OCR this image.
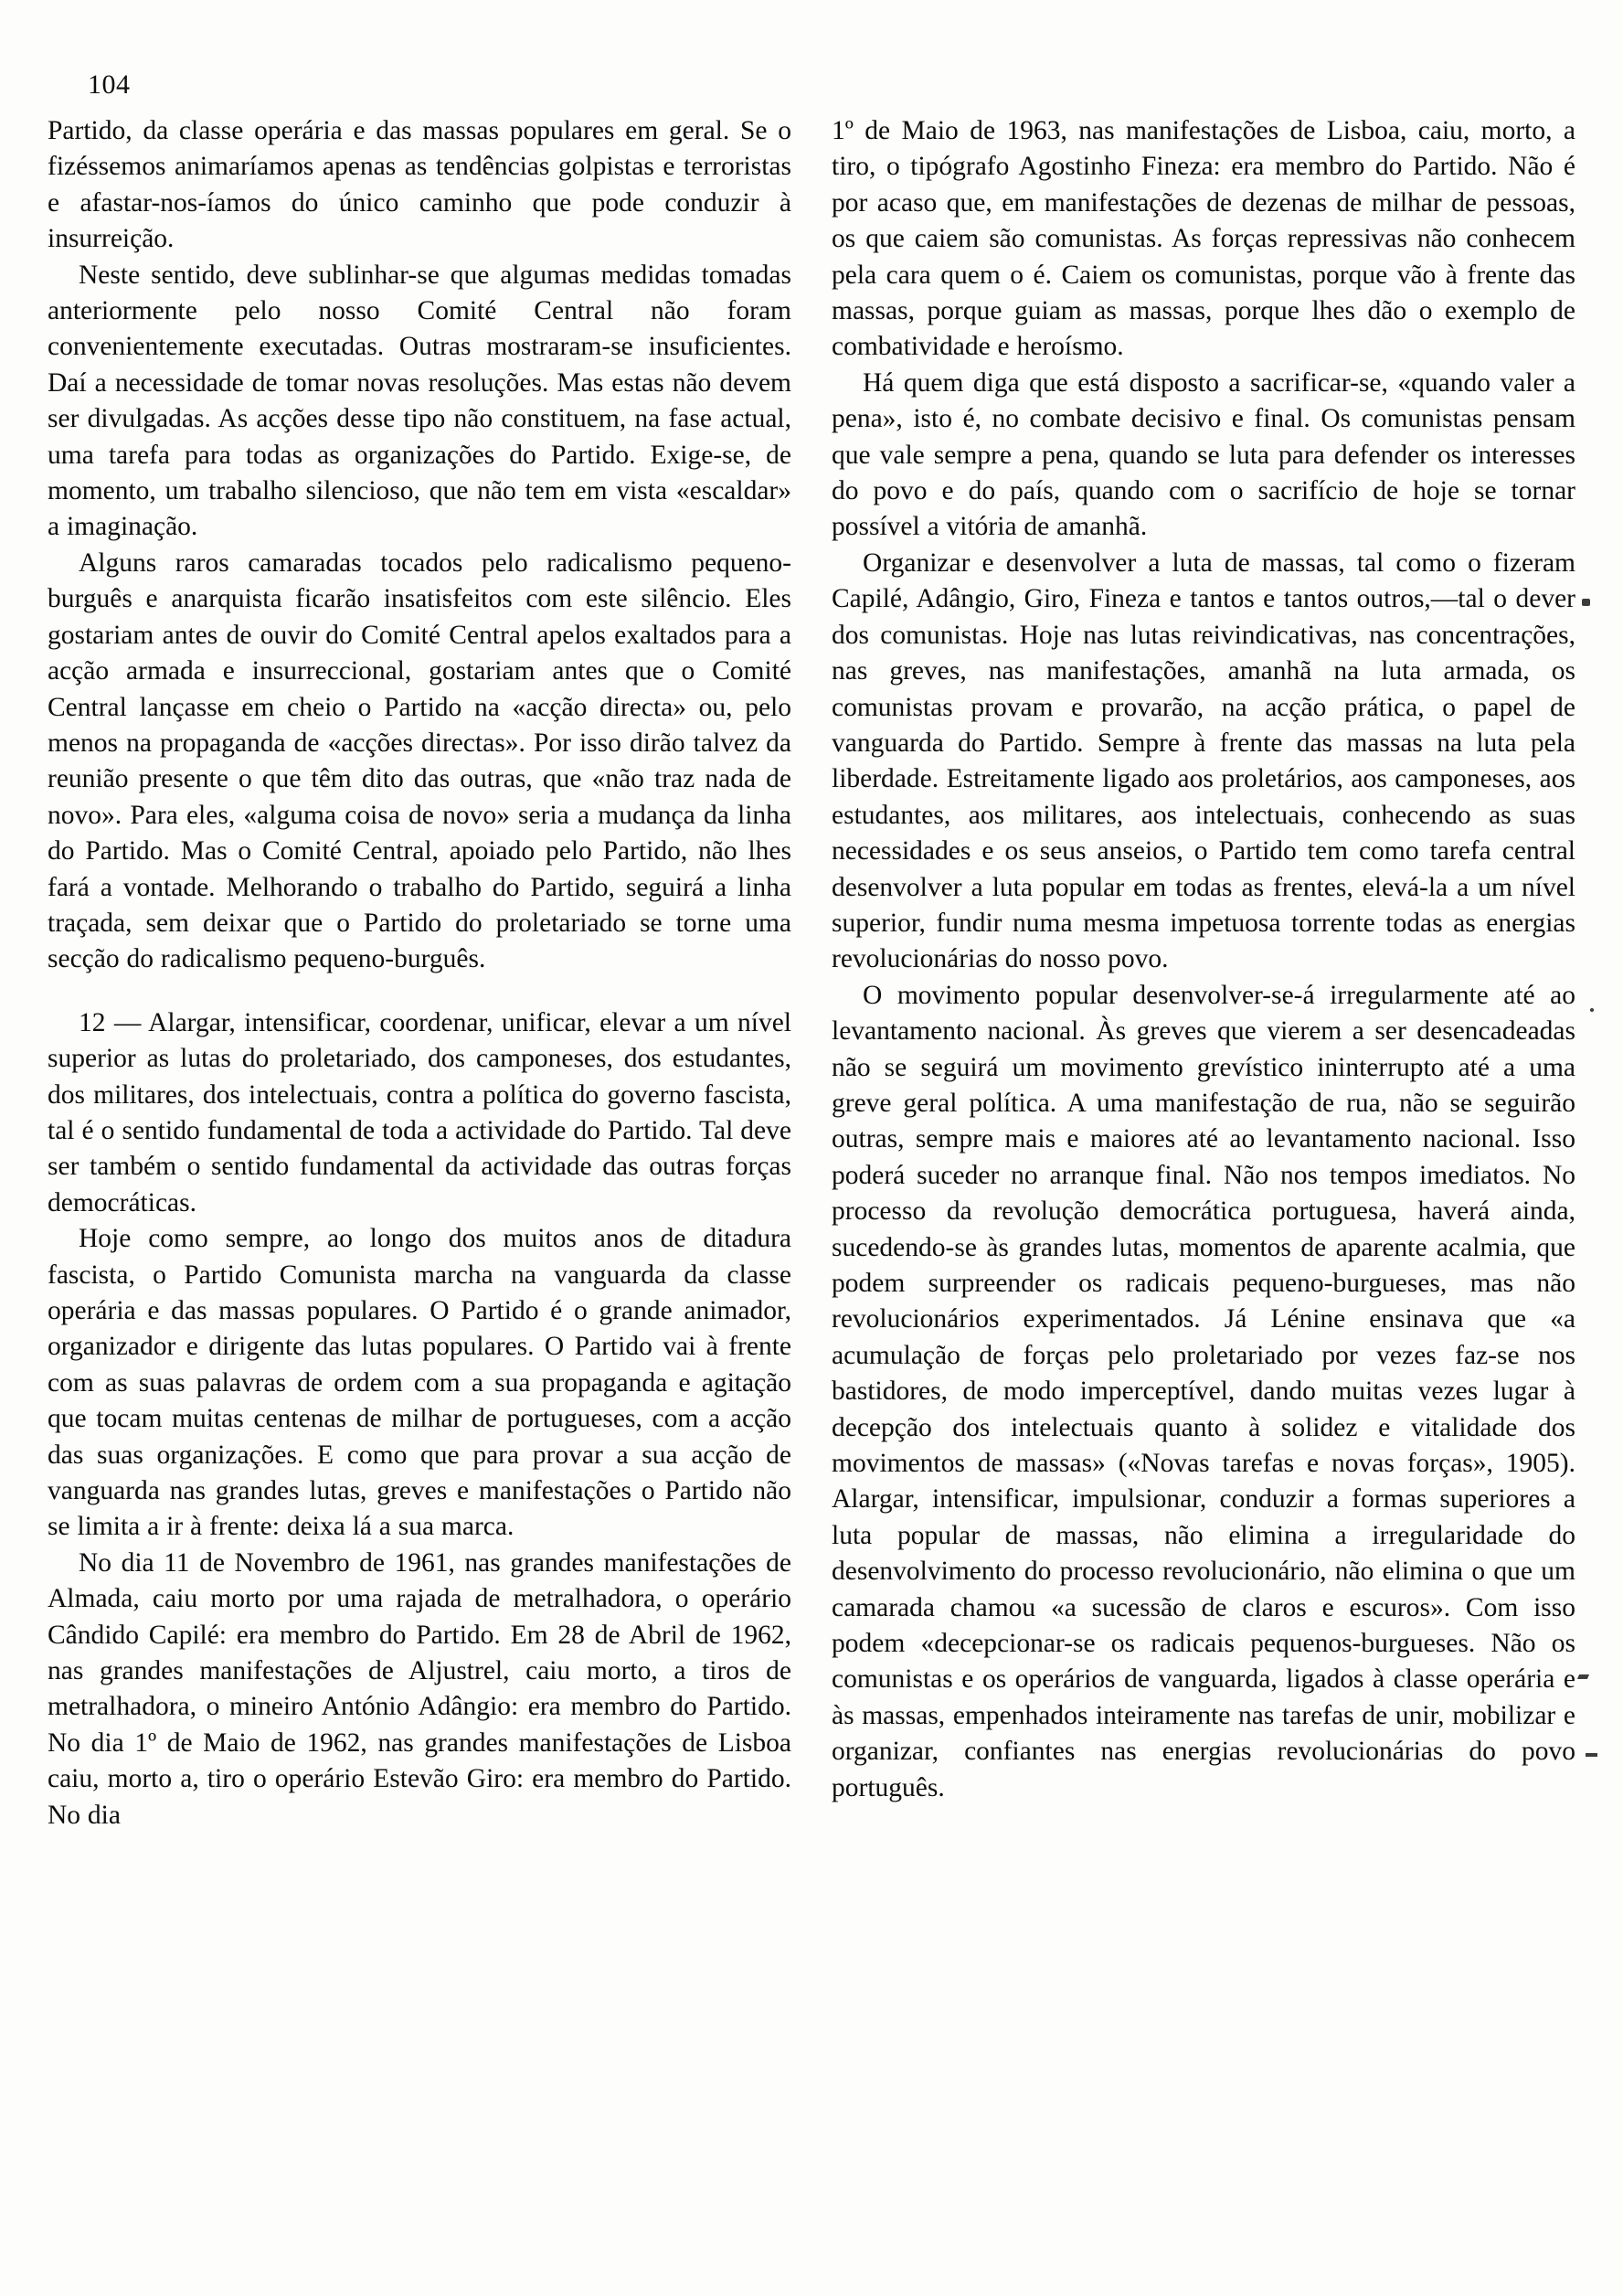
104

Partido, da classe operária e das massas populares em geral. Se o fizéssemos animaríamos apenas as tendências golpistas e terroristas e afastar-nos-íamos do único caminho que pode conduzir à insurreição.

Neste sentido, deve sublinhar-se que algumas medidas tomadas anteriormente pelo nosso Comité Central não foram convenientemente executadas. Outras mostraram-se insuficientes. Daí a necessidade de tomar novas resoluções. Mas estas não devem ser divulgadas. As acções desse tipo não constituem, na fase actual, uma tarefa para todas as organizações do Partido. Exige-se, de momento, um trabalho silencioso, que não tem em vista «escaldar» a imaginação.

Alguns raros camaradas tocados pelo radicalismo pequeno-burguês e anarquista ficarão insatisfeitos com este silêncio. Eles gostariam antes de ouvir do Comité Central apelos exaltados para a acção armada e insurreccional, gostariam antes que o Comité Central lançasse em cheio o Partido na «acção directa» ou, pelo menos na propaganda de «acções directas». Por isso dirão talvez da reunião presente o que têm dito das outras, que «não traz nada de novo». Para eles, «alguma coisa de novo» seria a mudança da linha do Partido. Mas o Comité Central, apoiado pelo Partido, não lhes fará a vontade. Melhorando o trabalho do Partido, seguirá a linha traçada, sem deixar que o Partido do proletariado se torne uma secção do radicalismo pequeno-burguês.

12 — Alargar, intensificar, coordenar, unificar, elevar a um nível superior as lutas do proletariado, dos camponeses, dos estudantes, dos militares, dos intelectuais, contra a política do governo fascista, tal é o sentido fundamental de toda a actividade do Partido. Tal deve ser também o sentido fundamental da actividade das outras forças democráticas.

Hoje como sempre, ao longo dos muitos anos de ditadura fascista, o Partido Comunista marcha na vanguarda da classe operária e das massas populares. O Partido é o grande animador, organizador e dirigente das lutas populares. O Partido vai à frente com as suas palavras de ordem com a sua propaganda e agitação que tocam muitas centenas de milhar de portugueses, com a acção das suas organizações. E como que para provar a sua acção de vanguarda nas grandes lutas, greves e manifestações o Partido não se limita a ir à frente: deixa lá a sua marca.

No dia 11 de Novembro de 1961, nas grandes manifestações de Almada, caiu morto por uma rajada de metralhadora, o operário Cândido Capilé: era membro do Partido. Em 28 de Abril de 1962, nas grandes manifestações de Aljustrel, caiu morto, a tiros de metralhadora, o mineiro António Adângio: era membro do Partido. No dia 1º de Maio de 1962, nas grandes manifestações de Lisboa caiu, morto a, tiro o operário Estevão Giro: era membro do Partido. No dia

1º de Maio de 1963, nas manifestações de Lisboa, caiu, morto, a tiro, o tipógrafo Agostinho Fineza: era membro do Partido. Não é por acaso que, em manifestações de dezenas de milhar de pessoas, os que caiem são comunistas. As forças repressivas não conhecem pela cara quem o é. Caiem os comunistas, porque vão à frente das massas, porque guiam as massas, porque lhes dão o exemplo de combatividade e heroísmo.

Há quem diga que está disposto a sacrificar-se, «quando valer a pena», isto é, no combate decisivo e final. Os comunistas pensam que vale sempre a pena, quando se luta para defender os interesses do povo e do país, quando com o sacrifício de hoje se tornar possível a vitória de amanhã.

Organizar e desenvolver a luta de massas, tal como o fizeram Capilé, Adângio, Giro, Fineza e tantos e tantos outros,—tal o dever dos comunistas. Hoje nas lutas reivindicativas, nas concentrações, nas greves, nas manifestações, amanhã na luta armada, os comunistas provam e provarão, na acção prática, o papel de vanguarda do Partido. Sempre à frente das massas na luta pela liberdade. Estreitamente ligado aos proletários, aos camponeses, aos estudantes, aos militares, aos intelectuais, conhecendo as suas necessidades e os seus anseios, o Partido tem como tarefa central desenvolver a luta popular em todas as frentes, elevá-la a um nível superior, fundir numa mesma impetuosa torrente todas as energias revolucionárias do nosso povo.

O movimento popular desenvolver-se-á irregularmente até ao levantamento nacional. Às greves que vierem a ser desencadeadas não se seguirá um movimento grevístico ininterrupto até a uma greve geral política. A uma manifestação de rua, não se seguirão outras, sempre mais e maiores até ao levantamento nacional. Isso poderá suceder no arranque final. Não nos tempos imediatos. No processo da revolução democrática portuguesa, haverá ainda, sucedendo-se às grandes lutas, momentos de aparente acalmia, que podem surpreender os radicais pequeno-burgueses, mas não revolucionários experimentados. Já Lénine ensinava que «a acumulação de forças pelo proletariado por vezes faz-se nos bastidores, de modo imperceptível, dando muitas vezes lugar à decepção dos intelectuais quanto à solidez e vitalidade dos movimentos de massas» («Novas tarefas e novas forças», 1905). Alargar, intensificar, impulsionar, conduzir a formas superiores a luta popular de massas, não elimina a irregularidade do desenvolvimento do processo revolucionário, não elimina o que um camarada chamou «a sucessão de claros e escuros». Com isso podem «decepcionar-se os radicais pequenos-burgueses. Não os comunistas e os operários de vanguarda, ligados à classe operária e às massas, empenhados inteiramente nas tarefas de unir, mobilizar e organizar, confiantes nas energias revolucionárias do povo português.
